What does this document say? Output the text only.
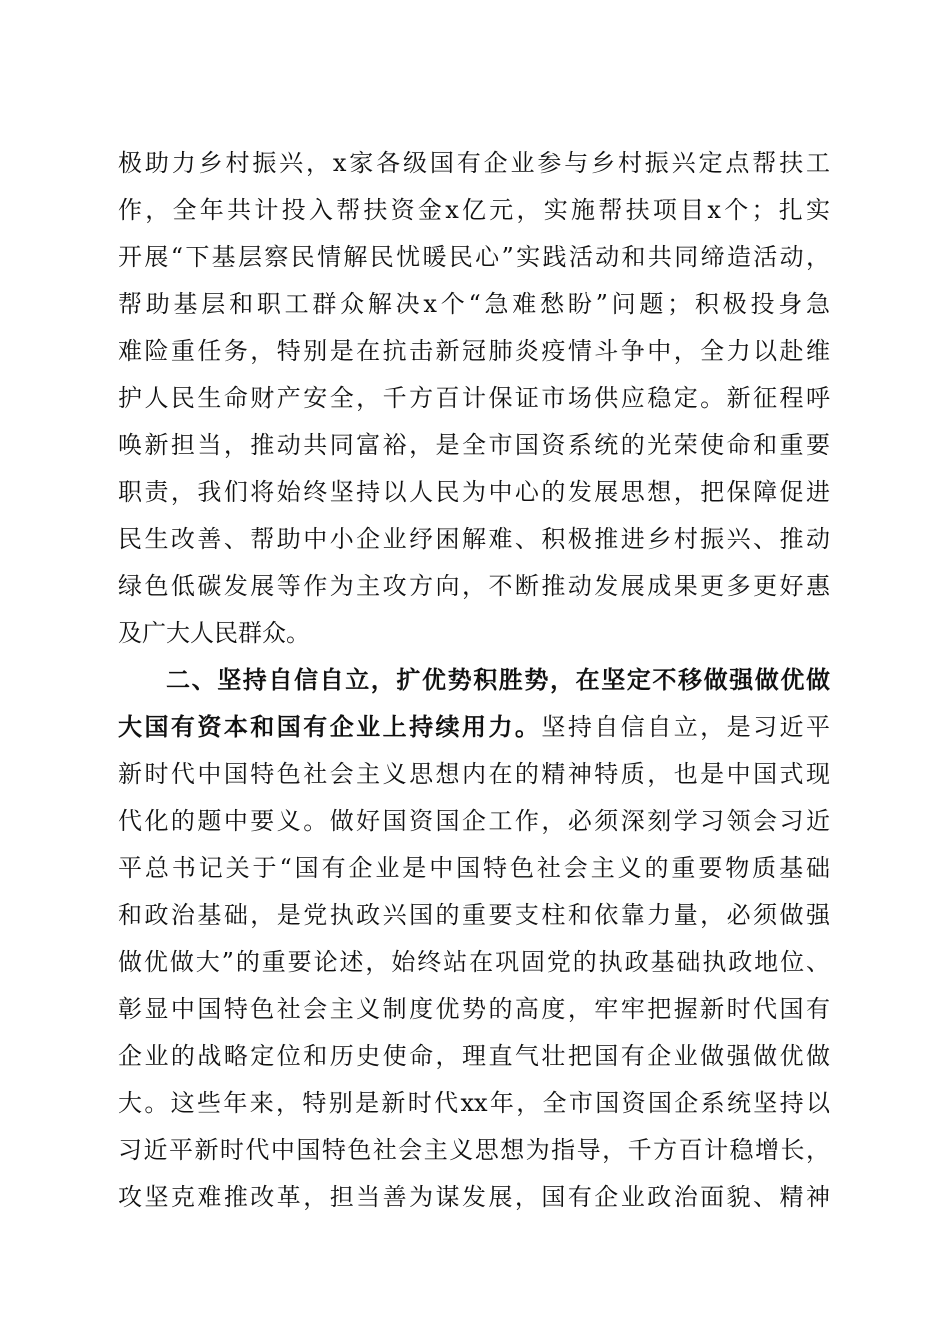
极助力乡村振兴，x家各级国有企业参与乡村振兴定点帮扶工
作，全年共计投入帮扶资金x亿元，实施帮扶项目x个；扎实
开展“下基层察民情解民忧暖民心”实践活动和共同缔造活动，
帮助基层和职工群众解决x个“急难愁盼”问题；积极投身急
难险重任务，特别是在抗击新冠肺炎疫情斗争中，全力以赴维
护人民生命财产安全，千方百计保证市场供应稳定。新征程呼
唤新担当，推动共同富裕，是全市国资系统的光荣使命和重要
职责，我们将始终坚持以人民为中心的发展思想，把保障促进
民生改善、帮助中小企业纾困解难、积极推进乡村振兴、推动
绿色低碳发展等作为主攻方向，不断推动发展成果更多更好惠
及广大人民群众。
二、坚持自信自立，扩优势积胜势，在坚定不移做强做优做
大国有资本和国有企业上持续用力。坚持自信自立，是习近平
新时代中国特色社会主义思想内在的精神特质，也是中国式现
代化的题中要义。做好国资国企工作，必须深刻学习领会习近
平总书记关于“国有企业是中国特色社会主义的重要物质基础
和政治基础，是党执政兴国的重要支柱和依靠力量，必须做强
做优做大”的重要论述，始终站在巩固党的执政基础执政地位、
彰显中国特色社会主义制度优势的高度，牢牢把握新时代国有
企业的战略定位和历史使命，理直气壮把国有企业做强做优做
大。这些年来，特别是新时代xx年，全市国资国企系统坚持以
习近平新时代中国特色社会主义思想为指导，千方百计稳增长，
攻坚克难推改革，担当善为谋发展，国有企业政治面貌、精神
